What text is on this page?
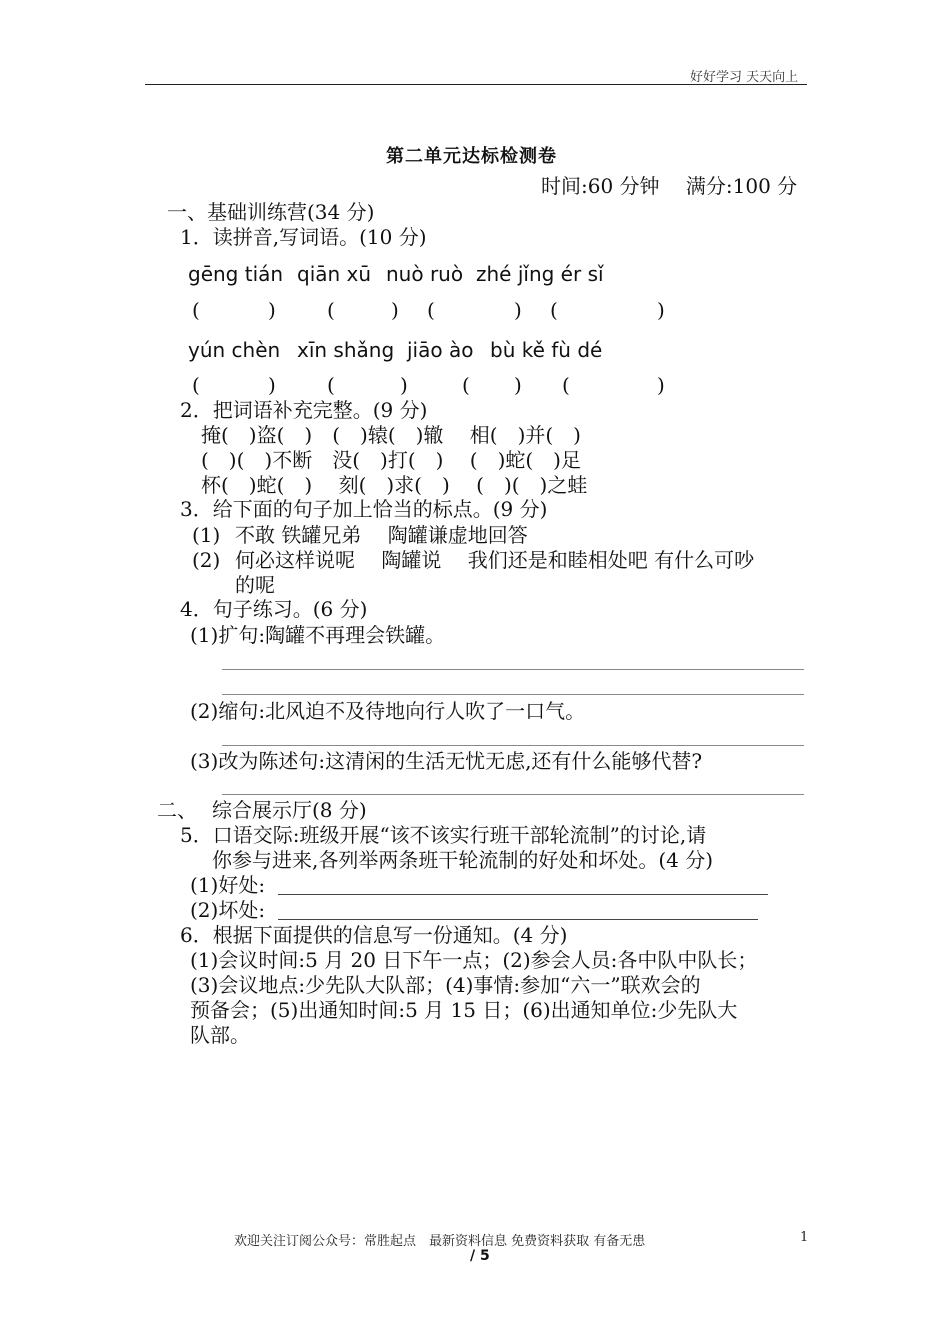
好好学习 天天向上
第二单元达标检测卷
时间:60 分钟　 满分:100 分
一、基础训练营(34 分)
1．读拼音,写词语。(10 分)
gēng tián qiān xū nuò ruò zhé jǐng ér sǐ
(	)	(	) (	) (	)
yún chèn xīn shǎng jiāo ào bù kě fù dé
(	)	(	)	( ) (	)
2．把词语补充完整。(9 分)
掩(　)盗(　)　(　)辕(　)辙　 相(　)并(　)
(　)(　)不断　没(　)打(　)　 (　)蛇(　)足
杯(　)蛇(　)　 刻(　)求(　)　 (　)(　)之蛙
3．给下面的句子加上恰当的标点。(9 分)
(1) 不敢 铁罐兄弟　 陶罐谦虚地回答
(2) 何必这样说呢　 陶罐说　 我们还是和睦相处吧 有什么可吵
的呢
4．句子练习。(6 分)
(1)扩句:陶罐不再理会铁罐。
(2)缩句:北风迫不及待地向行人吹了一口气。
(3)改为陈述句:这清闲的生活无忧无虑,还有什么能够代替?
二、 综合展示厅(8 分)
5．口语交际:班级开展“该不该实行班干部轮流制”的讨论,请
你参与进来,各列举两条班干轮流制的好处和坏处。(4 分)
(1)好处:
(2)坏处:
6．根据下面提供的信息写一份通知。(4 分)
(1)会议时间:5 月 20 日下午一点；(2)参会人员:各中队中队长；
(3)会议地点:少先队大队部；(4)事情:参加“六一”联欢会的
预备会；(5)出通知时间:5 月 15 日；(6)出通知单位:少先队大
队部。
欢迎关注订阅公众号：常胜起点　最新资料信息 免费资料获取 有备无患	1
/ 5
